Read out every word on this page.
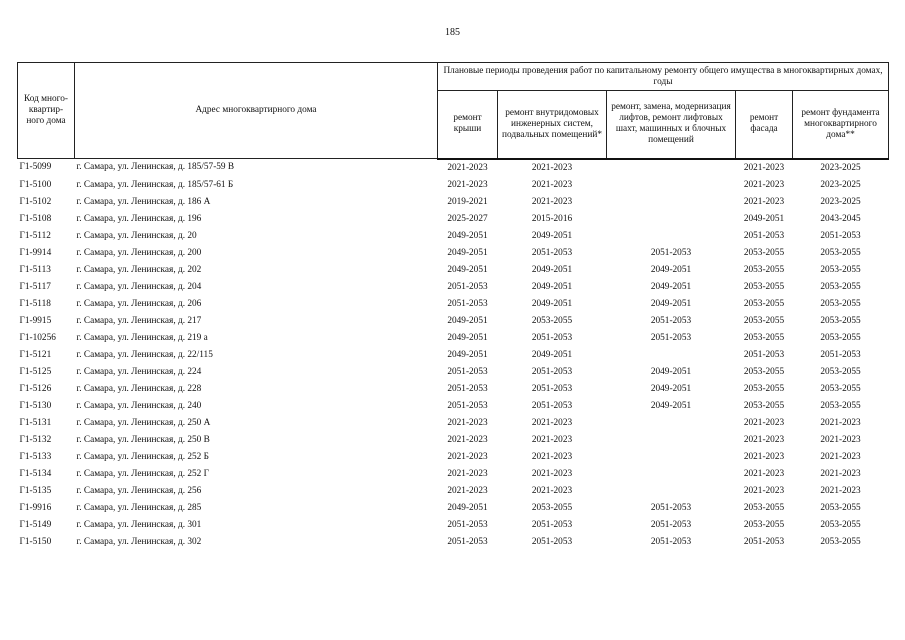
185
Код много-квартир-ного дома	Адрес многоквартирного дома	Плановые периоды проведения работ по капитальному ремонту общего имущества в многоквартирных домах, годы				
		ремонт крыши	ремонт внутридомовых инженерных систем, подвальных помещений*	ремонт, замена, модернизация лифтов, ремонт лифтовых шахт, машинных и блочных помещений	ремонт фасада	ремонт фундамента многоквартирного дома**
Г1-5099	г. Самара, ул. Ленинская, д. 185/57-59 В	2021-2023	2021-2023		2021-2023	2023-2025
Г1-5100	г. Самара, ул. Ленинская, д. 185/57-61 Б	2021-2023	2021-2023		2021-2023	2023-2025
Г1-5102	г. Самара, ул. Ленинская, д. 186 А	2019-2021	2021-2023		2021-2023	2023-2025
Г1-5108	г. Самара, ул. Ленинская, д. 196	2025-2027	2015-2016		2049-2051	2043-2045
Г1-5112	г. Самара, ул. Ленинская, д. 20	2049-2051	2049-2051		2051-2053	2051-2053
Г1-9914	г. Самара, ул. Ленинская, д. 200	2049-2051	2051-2053	2051-2053	2053-2055	2053-2055
Г1-5113	г. Самара, ул. Ленинская, д. 202	2049-2051	2049-2051	2049-2051	2053-2055	2053-2055
Г1-5117	г. Самара, ул. Ленинская, д. 204	2051-2053	2049-2051	2049-2051	2053-2055	2053-2055
Г1-5118	г. Самара, ул. Ленинская, д. 206	2051-2053	2049-2051	2049-2051	2053-2055	2053-2055
Г1-9915	г. Самара, ул. Ленинская, д. 217	2049-2051	2053-2055	2051-2053	2053-2055	2053-2055
Г1-10256	г. Самара, ул. Ленинская, д. 219 а	2049-2051	2051-2053	2051-2053	2053-2055	2053-2055
Г1-5121	г. Самара, ул. Ленинская, д. 22/115	2049-2051	2049-2051		2051-2053	2051-2053
Г1-5125	г. Самара, ул. Ленинская, д. 224	2051-2053	2051-2053	2049-2051	2053-2055	2053-2055
Г1-5126	г. Самара, ул. Ленинская, д. 228	2051-2053	2051-2053	2049-2051	2053-2055	2053-2055
Г1-5130	г. Самара, ул. Ленинская, д. 240	2051-2053	2051-2053	2049-2051	2053-2055	2053-2055
Г1-5131	г. Самара, ул. Ленинская, д. 250 А	2021-2023	2021-2023		2021-2023	2021-2023
Г1-5132	г. Самара, ул. Ленинская, д. 250 В	2021-2023	2021-2023		2021-2023	2021-2023
Г1-5133	г. Самара, ул. Ленинская, д. 252 Б	2021-2023	2021-2023		2021-2023	2021-2023
Г1-5134	г. Самара, ул. Ленинская, д. 252 Г	2021-2023	2021-2023		2021-2023	2021-2023
Г1-5135	г. Самара, ул. Ленинская, д. 256	2021-2023	2021-2023		2021-2023	2021-2023
Г1-9916	г. Самара, ул. Ленинская, д. 285	2049-2051	2053-2055	2051-2053	2053-2055	2053-2055
Г1-5149	г. Самара, ул. Ленинская, д. 301	2051-2053	2051-2053	2051-2053	2053-2055	2053-2055
Г1-5150	г. Самара, ул. Ленинская, д. 302	2051-2053	2051-2053	2051-2053	2051-2053	2053-2055
